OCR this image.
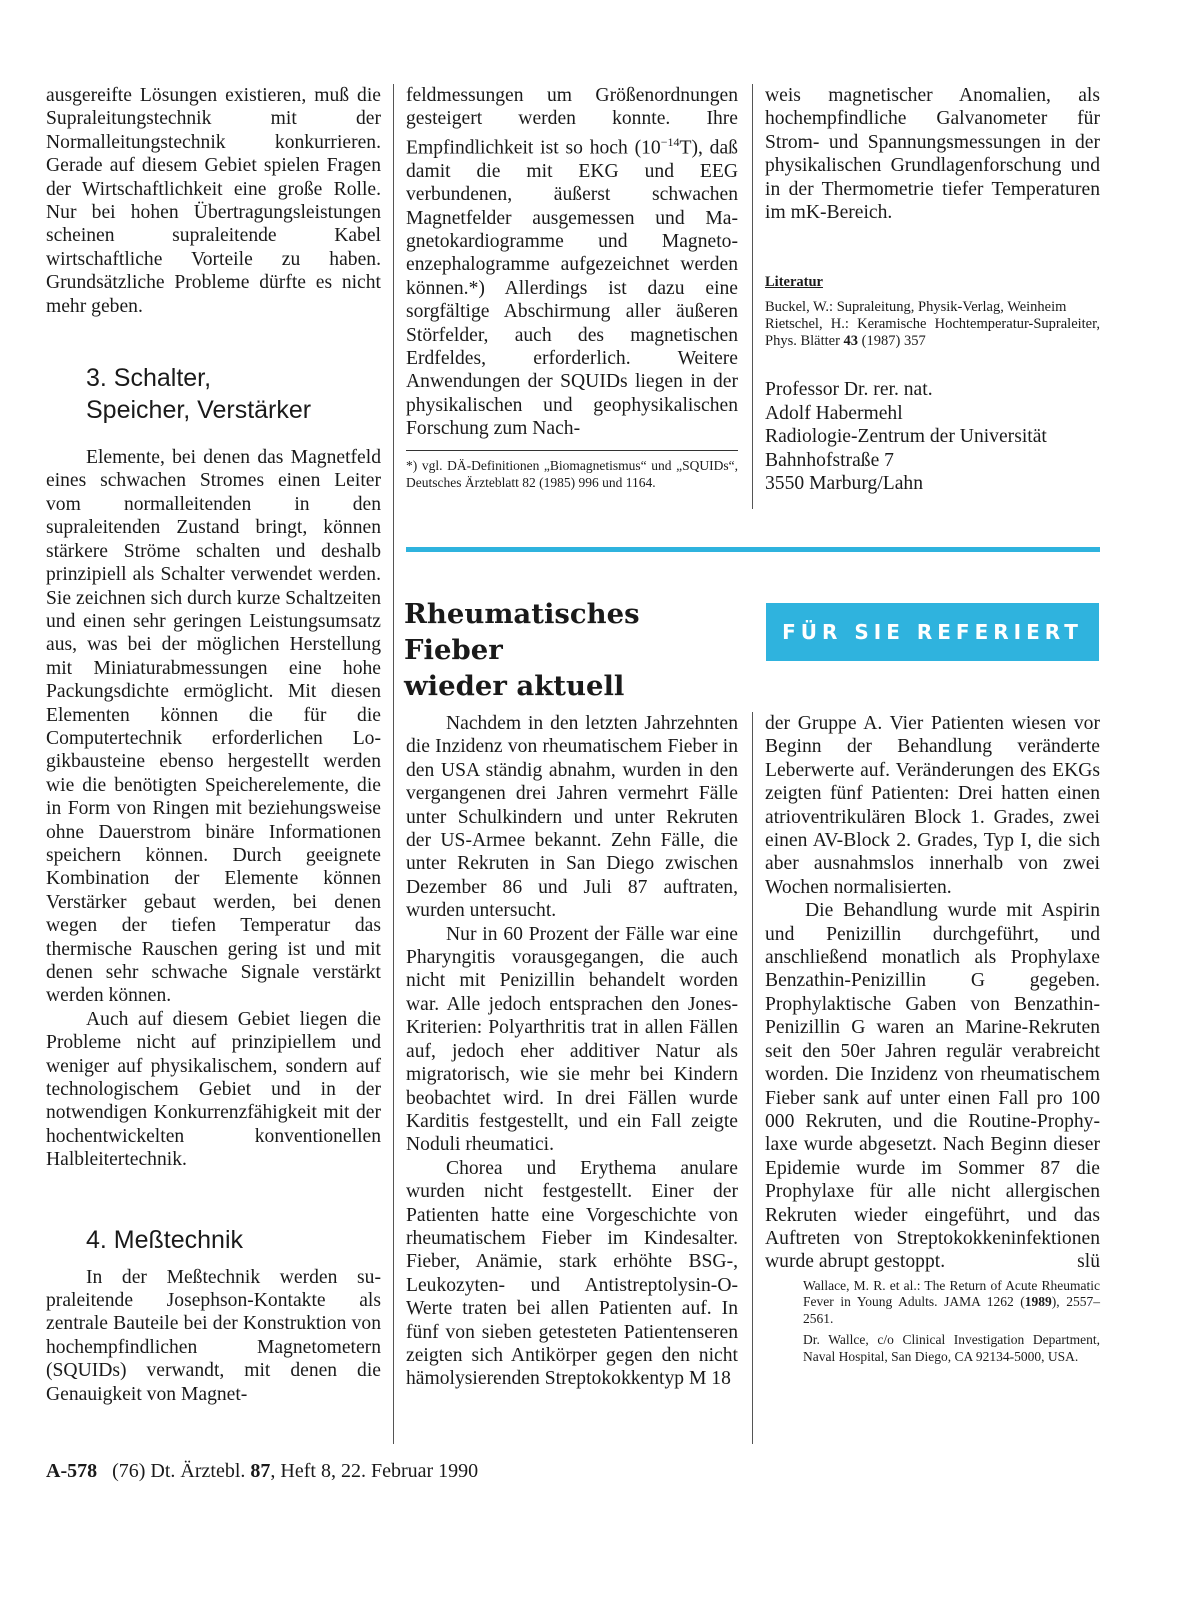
ausgereifte Lösungen existieren, muß die Supraleitungstechnik mit der Normalleitungstechnik konkurrieren. Gerade auf diesem Gebiet spielen Fragen der Wirtschaftlichkeit eine große Rolle. Nur bei hohen Übertragungsleistungen scheinen supraleitende Kabel wirtschaftliche Vorteile zu haben. Grundsätzliche Probleme dürfte es nicht mehr geben.

3. Schalter,
Speicher, Verstärker

Elemente, bei denen das Magnetfeld eines schwachen Stromes einen Leiter vom normalleitenden in den supraleitenden Zustand bringt, können stärkere Ströme schalten und deshalb prinzipiell als Schalter verwendet werden. Sie zeichnen sich durch kurze Schaltzeiten und einen sehr geringen Leistungsumsatz aus, was bei der möglichen Herstellung mit Miniaturabmessungen eine hohe Packungsdichte ermöglicht. Mit diesen Elementen können die für die Computertechnik erforderlichen Logikbausteine ebenso hergestellt werden wie die benötigten Speicherelemente, die in Form von Ringen mit beziehungsweise ohne Dauerstrom binäre Informationen speichern können. Durch geeignete Kombination der Elemente können Verstärker gebaut werden, bei denen wegen der tiefen Temperatur das thermische Rauschen gering ist und mit denen sehr schwache Signale verstärkt werden können.

Auch auf diesem Gebiet liegen die Probleme nicht auf prinzipiellem und weniger auf physikalischem, sondern auf technologischem Gebiet und in der notwendigen Konkurrenzfähigkeit mit der hochentwickelten konventionellen Halbleitertechnik.

4. Meßtechnik

In der Meßtechnik werden supraleitende Josephson-Kontakte als zentrale Bauteile bei der Konstruktion von hochempfindlichen Magnetometern (SQUIDs) verwandt, mit denen die Genauigkeit von Magnet-

feldmessungen um Größenordnungen gesteigert werden konnte. Ihre Empfindlichkeit ist so hoch $(10^{-14}T)$, daß damit die mit EKG und EEG verbundenen, äußerst schwachen Magnetfelder ausgemessen und Magnetokardiogramme und Magnetoenzephalogramme aufgezeichnet werden können.*) Allerdings ist dazu eine sorgfältige Abschirmung aller äußeren Störfelder, auch des magnetischen Erdfeldes, erforderlich. Weitere Anwendungen der SQUIDs liegen in der physikalischen und geophysikalischen Forschung zum Nach-

*) vgl. DÄ-Definitionen „Biomagnetismus“ und „SQUIDs“, Deutsches Ärzteblatt 82 (1985) 996 und 1164.

weis magnetischer Anomalien, als hochempfindliche Galvanometer für Strom- und Spannungsmessungen in der physikalischen Grundlagenforschung und in der Thermometrie tiefer Temperaturen im mK-Bereich.

Literatur

Buckel, W.: Supraleitung, Physik-Verlag, Weinheim

Rietschel, H.: Keramische Hochtemperatur-Supraleiter, Phys. Blätter 43 (1987) 357

Professor Dr. rer. nat.
Adolf Habermehl
Radiologie-Zentrum der Universität
Bahnhofstraße 7
3550 Marburg/Lahn

Rheumatisches

Fieber

wieder aktuell

FÜR SIE REFERIERT

Nachdem in den letzten Jahrzehnten die Inzidenz von rheumatischem Fieber in den USA ständig abnahm, wurden in den vergangenen drei Jahren vermehrt Fälle unter Schulkindern und unter Rekruten der US-Armee bekannt. Zehn Fälle, die unter Rekruten in San Diego zwischen Dezember 86 und Juli 87 auftraten, wurden untersucht.

Nur in 60 Prozent der Fälle war eine Pharyngitis vorausgegangen, die auch nicht mit Penizillin behandelt worden war. Alle jedoch entsprachen den Jones-Kriterien: Polyarthritis trat in allen Fällen auf, jedoch eher additiver Natur als migratorisch, wie sie mehr bei Kindern beobachtet wird. In drei Fällen wurde Karditis festgestellt, und ein Fall zeigte Noduli rheumatici.

Chorea und Erythema anulare wurden nicht festgestellt. Einer der Patienten hatte eine Vorgeschichte von rheumatischem Fieber im Kindesalter. Fieber, Anämie, stark erhöhte BSG-, Leukozyten- und Antistreptolysin-O-Werte traten bei allen Patienten auf. In fünf von sieben getesteten Patientenseren zeigten sich Antikörper gegen den nicht hämolysierenden Streptokokkentyp M 18

der Gruppe A. Vier Patienten wiesen vor Beginn der Behandlung veränderte Leberwerte auf. Veränderungen des EKGs zeigten fünf Patienten: Drei hatten einen atrioventrikulären Block 1. Grades, zwei einen AV-Block 2. Grades, Typ I, die sich aber ausnahmslos innerhalb von zwei Wochen normalisierten.

Die Behandlung wurde mit Aspirin und Penizillin durchgeführt, und anschließend monatlich als Prophylaxe Benzathin-Penizillin G gegeben. Prophylaktische Gaben von Benzathin-Penizillin G waren an Marine-Rekruten seit den 50er Jahren regulär verabreicht worden. Die Inzidenz von rheumatischem Fieber sank auf unter einen Fall pro 100 000 Rekruten, und die Routine-Prophylaxe wurde abgesetzt. Nach Beginn dieser Epidemie wurde im Sommer 87 die Prophylaxe für alle nicht allergischen Rekruten wieder eingeführt, und das Auftreten von Streptokokkeninfektionen wurde abrupt gestoppt.	slü

Wallace, M. R. et al.: The Return of Acute Rheumatic Fever in Young Adults. JAMA 1262 (1989), 2557–2561.

Dr. Wallce, c/o Clinical Investigation Department, Naval Hospital, San Diego, CA 92134-5000, USA.

A-578 (76) Dt. Ärztebl. 87, Heft 8, 22. Februar 1990
